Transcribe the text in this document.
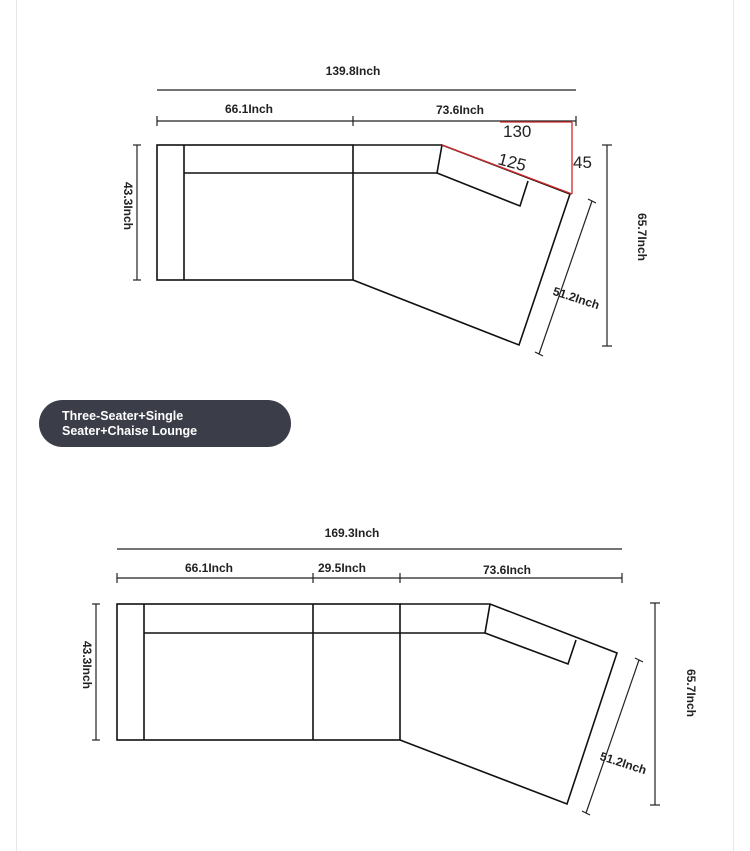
139.8Inch
66.1Inch	73.6Inch
43.3Inch
65.7Inch
51.2Inch
130
125	45
Three-Seater+Single Seater+Chaise Lounge
169.3Inch
66.1Inch	29.5Inch	73.6Inch
43.3Inch
65.7Inch
51.2Inch
